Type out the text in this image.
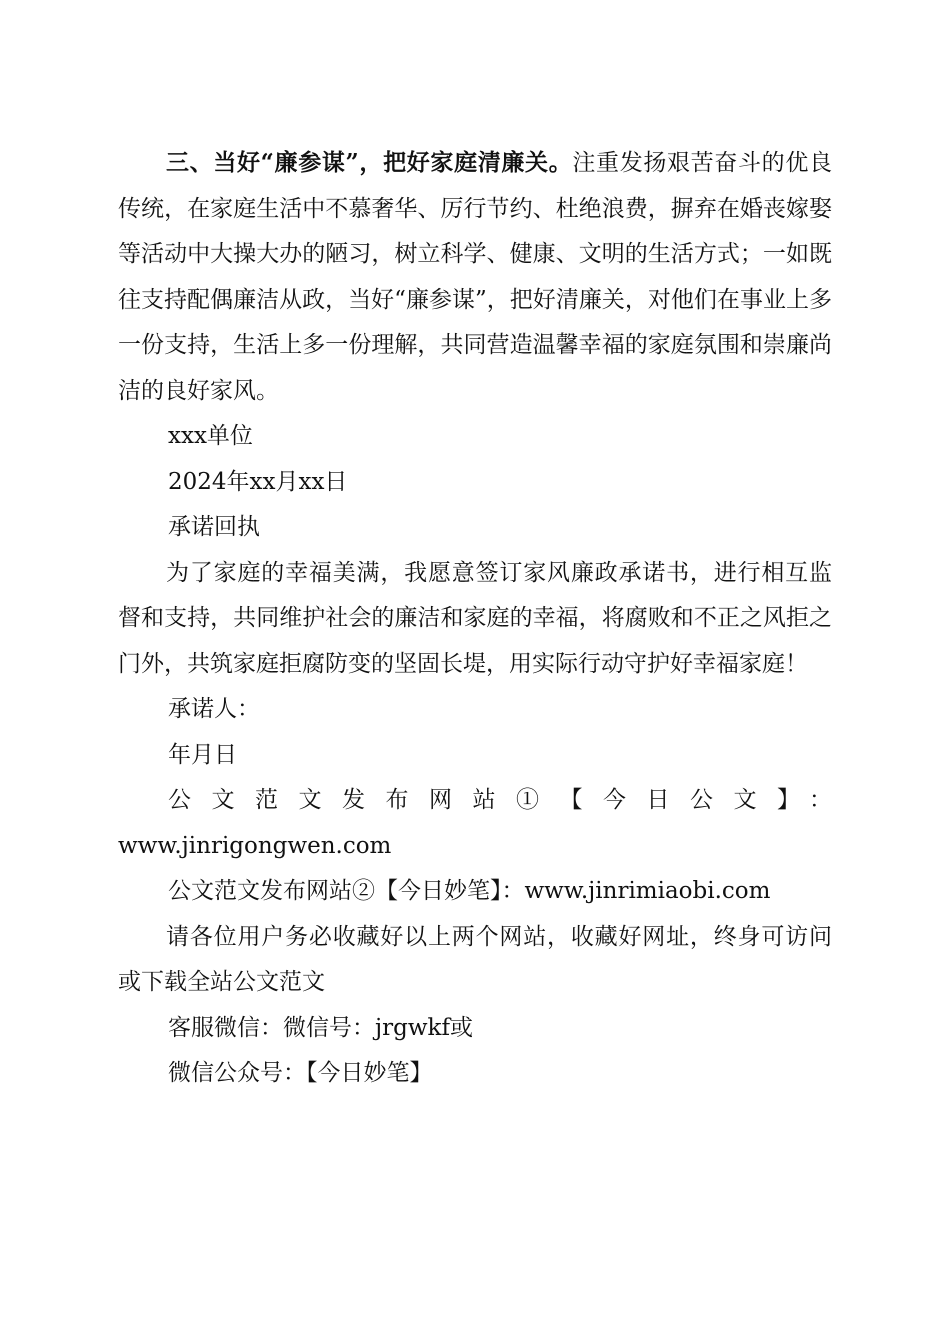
三、当好“廉参谋”，把好家庭清廉关。注重发扬艰苦奋斗的优良传统，在家庭生活中不慕奢华、厉行节约、杜绝浪费，摒弃在婚丧嫁娶等活动中大操大办的陋习，树立科学、健康、文明的生活方式；一如既往支持配偶廉洁从政，当好“廉参谋”，把好清廉关，对他们在事业上多一份支持，生活上多一份理解，共同营造温馨幸福的家庭氛围和崇廉尚洁的良好家风。

xxx单位

2024年xx月xx日

承诺回执

为了家庭的幸福美满，我愿意签订家风廉政承诺书，进行相互监督和支持，共同维护社会的廉洁和家庭的幸福，将腐败和不正之风拒之门外，共筑家庭拒腐防变的坚固长堤，用实际行动守护好幸福家庭！

承诺人：

年月日

公文范文发布网站①【今日公文】：

www.jinrigongwen.com

公文范文发布网站②【今日妙笔】：www.jinrimiaobi.com

请各位用户务必收藏好以上两个网站，收藏好网址，终身可访问或下载全站公文范文

客服微信：微信号：jrgwkf或

微信公众号：【今日妙笔】
